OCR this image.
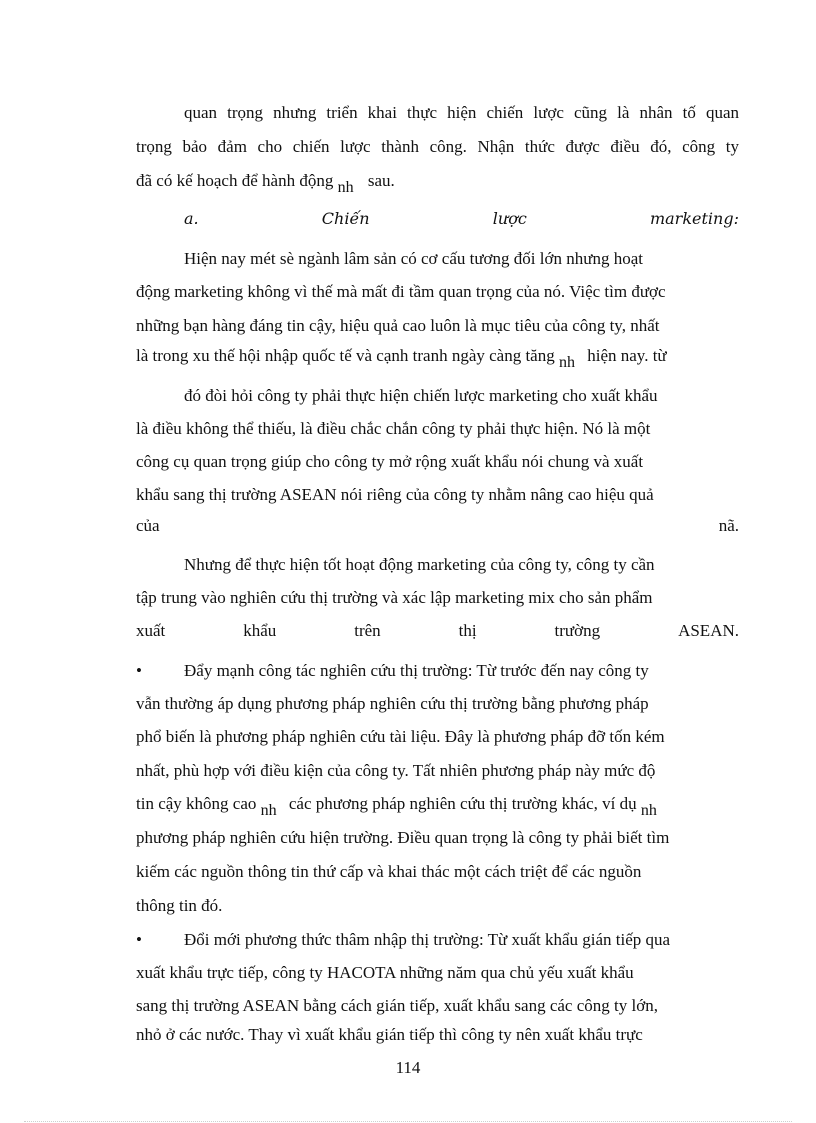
quan trọng nhưng triển khai thực hiện chiến lược cũng là nhân tố quan
trọng bảo đảm cho chiến lược thành công. Nhận thức được điều đó, công ty
đã có kế hoạch để hành động nh sau.
a.	Chiến	lược	marketing:
Hiện nay mét sè ngành lâm sản có cơ cấu tương đối lớn nhưng hoạt
động marketing không vì thế mà mất đi tầm quan trọng của nó. Việc tìm được
những bạn hàng đáng tin cậy, hiệu quả cao luôn là mục tiêu của công ty, nhất
là trong xu thế hội nhập quốc tế và cạnh tranh ngày càng tăng nh hiện nay. từ
đó đòi hỏi công ty phải thực hiện chiến lược marketing cho xuất khẩu
là điều không thể thiếu, là điều chắc chắn công ty phải thực hiện. Nó là một
công cụ quan trọng giúp cho công ty mở rộng xuất khẩu nói chung và xuất
khẩu sang thị trường ASEAN nói riêng của công ty nhằm nâng cao hiệu quả
của	nã.
Nhưng để thực hiện tốt hoạt động marketing của công ty, công ty cần
tập trung vào nghiên cứu thị trường và xác lập marketing mix cho sản phẩm
xuất	khẩu	trên	thị	trường	ASEAN.
• Đẩy mạnh công tác nghiên cứu thị trường: Từ trước đến nay công ty
vẫn thường áp dụng phương pháp nghiên cứu thị trường bằng phương pháp
phổ biến là phương pháp nghiên cứu tài liệu. Đây là phương pháp đỡ tốn kém
nhất, phù hợp với điều kiện của công ty. Tất nhiên phương pháp này mức độ
tin cậy không cao nh các phương pháp nghiên cứu thị trường khác, ví dụ nh
phương pháp nghiên cứu hiện trường. Điều quan trọng là công ty phải biết tìm
kiếm các nguồn thông tin thứ cấp và khai thác một cách triệt để các nguồn
thông tin đó.
• Đổi mới phương thức thâm nhập thị trường: Từ xuất khẩu gián tiếp qua
xuất khẩu trực tiếp, công ty HACOTA những năm qua chủ yếu xuất khẩu
sang thị trường ASEAN bằng cách gián tiếp, xuất khẩu sang các công ty lớn,
nhỏ ở các nước. Thay vì xuất khẩu gián tiếp thì công ty nên xuất khẩu trực
114
